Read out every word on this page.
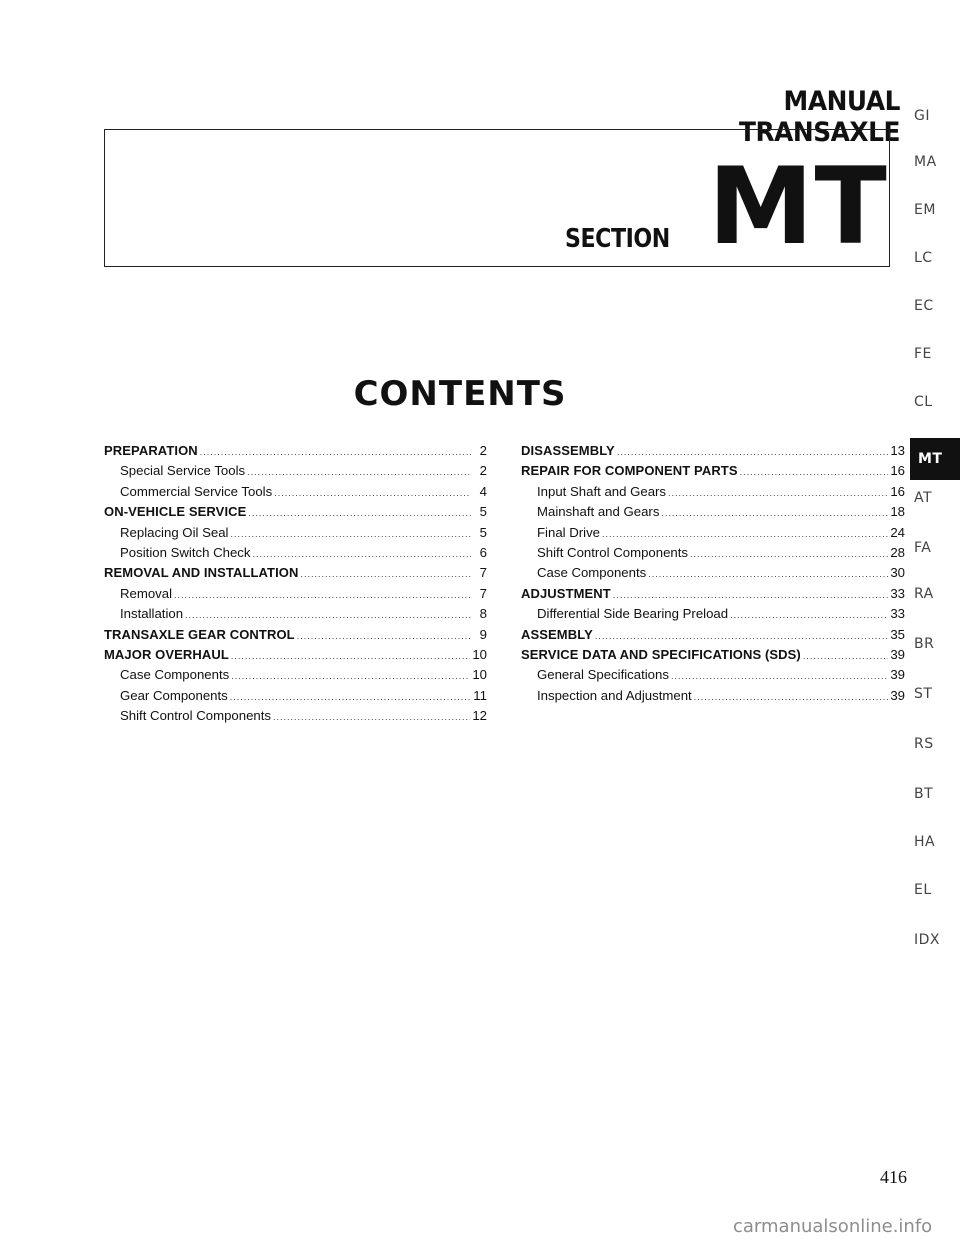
MANUAL TRANSAXLE
SECTION MT
CONTENTS
PREPARATION .....	2
Special Service Tools .....	2
Commercial Service Tools .....	4
ON-VEHICLE SERVICE .....	5
Replacing Oil Seal .....	5
Position Switch Check .....	6
REMOVAL AND INSTALLATION .....	7
Removal .....	7
Installation .....	8
TRANSAXLE GEAR CONTROL .....	9
MAJOR OVERHAUL .....	10
Case Components .....	10
Gear Components .....	11
Shift Control Components .....	12
DISASSEMBLY .....	13
REPAIR FOR COMPONENT PARTS .....	16
Input Shaft and Gears .....	16
Mainshaft and Gears .....	18
Final Drive .....	24
Shift Control Components .....	28
Case Components .....	30
ADJUSTMENT .....	33
Differential Side Bearing Preload .....	33
ASSEMBLY .....	35
SERVICE DATA AND SPECIFICATIONS (SDS) .....	39
General Specifications .....	39
Inspection and Adjustment .....	39
GI
MA
EM
LC
EC
FE
CL
MT
AT
FA
RA
BR
ST
RS
BT
HA
EL
IDX
416
carmanualsonline.info
